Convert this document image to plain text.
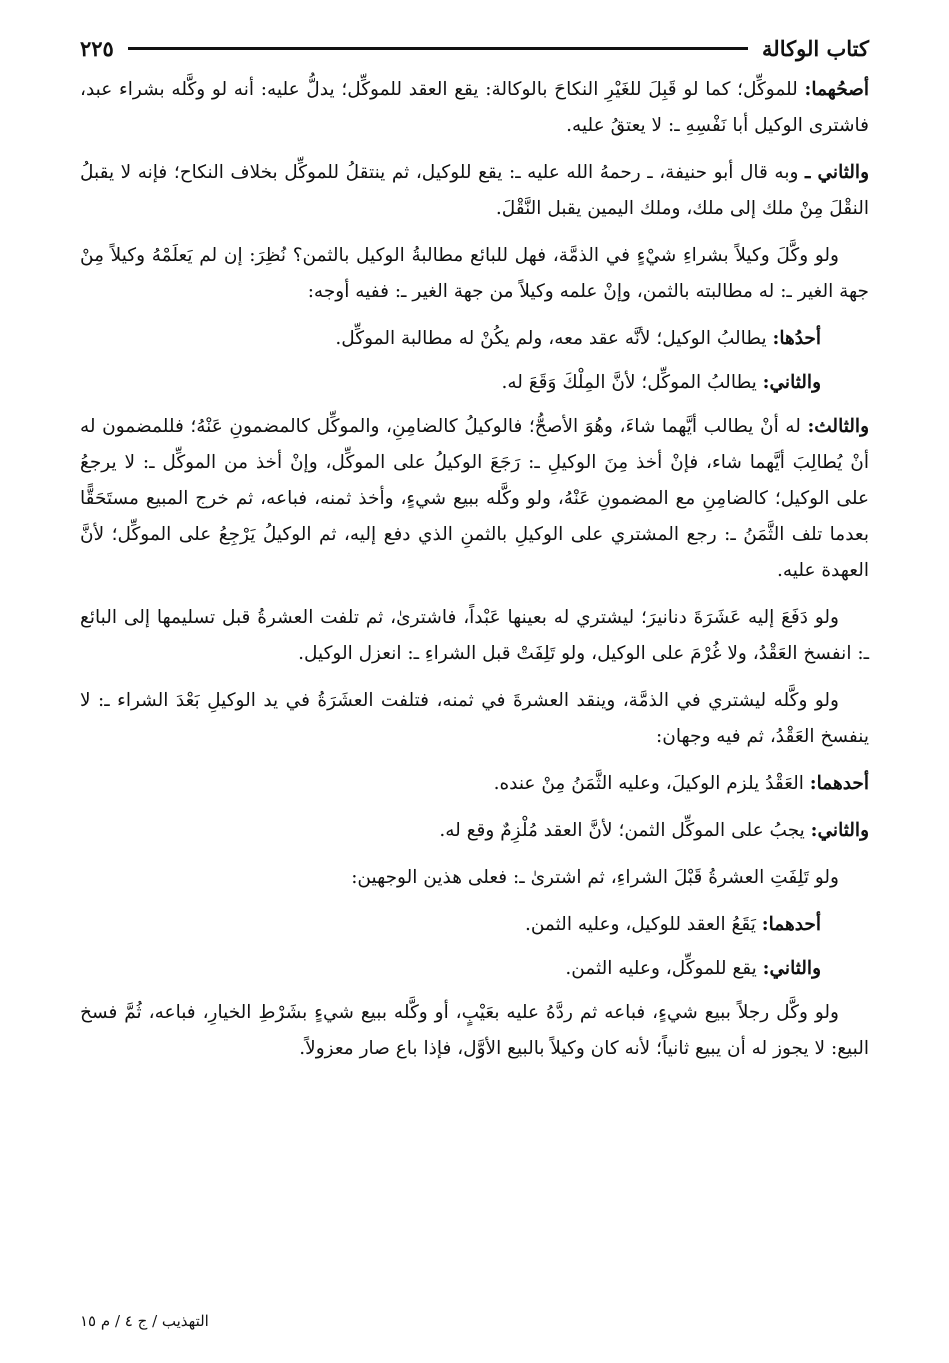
كتاب الوكالة
٢٢٥

أصحُهما: للموكِّل؛ كما لو قَبِلَ للغَيْرِ النكاحَ بالوكالة: يقع العقد للموكِّل؛ يدلُّ عليه: أنه لو وكَّله بشراء عبد، فاشترى الوكيل أبا نَفْسِهِ ـ: لا يعتقُ عليه.

والثاني ـ وبه قال أبو حنيفة، ـ رحمهُ الله عليه ـ: يقع للوكيل، ثم ينتقلُ للموكِّل بخلاف النكاح؛ فإنه لا يقبلُ النقْلَ مِنْ ملك إلى ملك، وملك اليمين يقبل النَّقْلَ.

ولو وكَّلَ وكيلاً بشراءِ شيْءٍ في الذمَّة، فهل للبائع مطالبةُ الوكيل بالثمن؟ نُظِرَ: إن لم يَعلَمْهُ وكيلاً مِنْ جهة الغير ـ: له مطالبته بالثمن، وإنْ علمه وكيلاً من جهة الغير ـ: ففيه أوجه:

أحدُها: يطالبُ الوكيل؛ لأنَّه عقد معه، ولم يكُنْ له مطالبة الموكِّل.

والثاني: يطالبُ الموكِّل؛ لأنَّ المِلْكَ وَقَعَ له.

والثالث: له أنْ يطالب أيَّهما شاءَ، وهُوَ الأصحُّ؛ فالوكيلُ كالضامِنِ، والموكِّل كالمضمونِ عَنْهُ؛ فللمضمون له أنْ يُطالِبَ أيَّهما شاء، فإنْ أخذ مِنَ الوكيلِ ـ: رَجَعَ الوكيلُ على الموكِّل، وإنْ أخذ من الموكِّل ـ: لا يرجعُ على الوكيل؛ كالضامِنِ مع المضمونِ عَنْهُ، ولو وكَّله ببيع شيءٍ، وأخذ ثمنه، فباعه، ثم خرج المبيع مستَحَقًّا بعدما تلف الثَّمَنُ ـ: رجع المشتري على الوكيلِ بالثمنِ الذي دفع إليه، ثم الوكيلُ يَرْجِعُ على الموكِّل؛ لأنَّ العهدة عليه.

ولو دَفَعَ إليه عَشَرَةَ دنانيرَ؛ ليشتري له بعينها عَبْداً، فاشترىٰ، ثم تلفت العشرةُ قبل تسليمها إلى البائع ـ: انفسخ العَقْدُ، ولا غُرْمَ على الوكيل، ولو تَلِفَتْ قبل الشراءِ ـ: انعزل الوكيل.

ولو وكَّله ليشتري في الذمَّة، وينقد العشرةَ في ثمنه، فتلفت العشَرَةُ في يد الوكيلِ بَعْدَ الشراء ـ: لا ينفسخ العَقْدُ، ثم فيه وجهان:

أحدهما: العَقْدُ يلزم الوكيلَ، وعليه الثَّمَنُ مِنْ عنده.

والثاني: يجبُ على الموكِّل الثمن؛ لأنَّ العقد مُلْزِمٌ وقع له.

ولو تَلِفَتِ العشرةُ قَبْلَ الشراءِ، ثم اشترىٰ ـ: فعلى هذين الوجهين:

أحدهما: يَقَعُ العقد للوكيل، وعليه الثمن.

والثاني: يقع للموكِّل، وعليه الثمن.

ولو وكَّل رجلاً ببيع شيءٍ، فباعه ثم ردَّهُ عليه بعَيْبٍ، أو وكَّله ببيع شيءٍ بشَرْطِ الخيارِ، فباعه، ثُمَّ فسخ البيع: لا يجوز له أن يبيع ثانياً؛ لأنه كان وكيلاً بالبيع الأوَّل، فإذا باع صار معزولاً.

التهذيب / ج ٤ / م ١٥
